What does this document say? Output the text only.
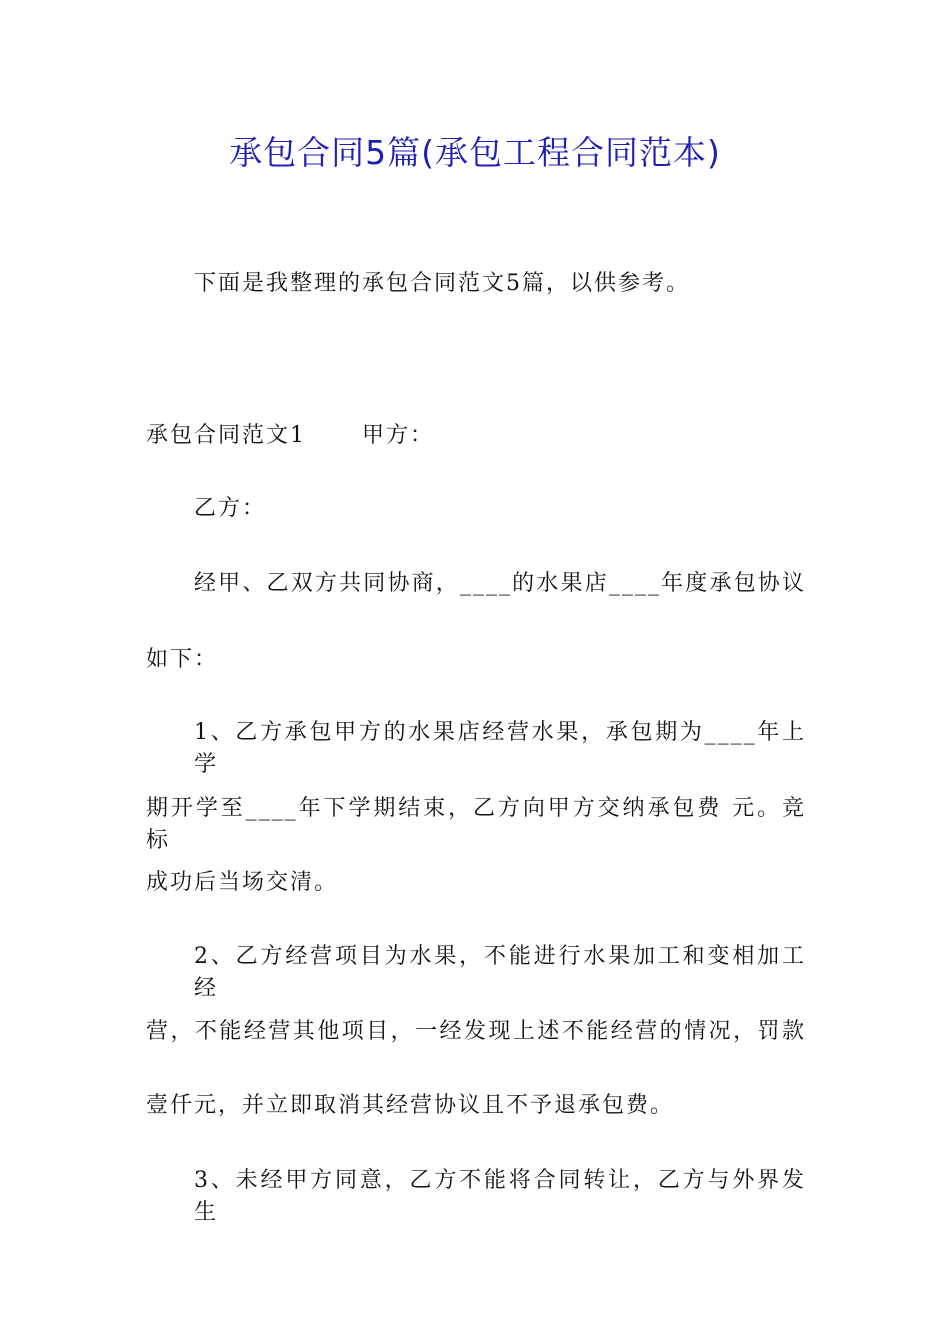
承包合同5篇(承包工程合同范本)
下面是我整理的承包合同范文5篇，以供参考。
承包合同范文1	甲方：
乙方：
经甲、乙双方共同协商，____的水果店____年度承包协议
如下：
1、乙方承包甲方的水果店经营水果，承包期为____年上学
期开学至____年下学期结束，乙方向甲方交纳承包费 元。竞标
成功后当场交清。
2、乙方经营项目为水果，不能进行水果加工和变相加工经
营，不能经营其他项目，一经发现上述不能经营的情况，罚款
壹仟元，并立即取消其经营协议且不予退承包费。
3、未经甲方同意，乙方不能将合同转让，乙方与外界发生
